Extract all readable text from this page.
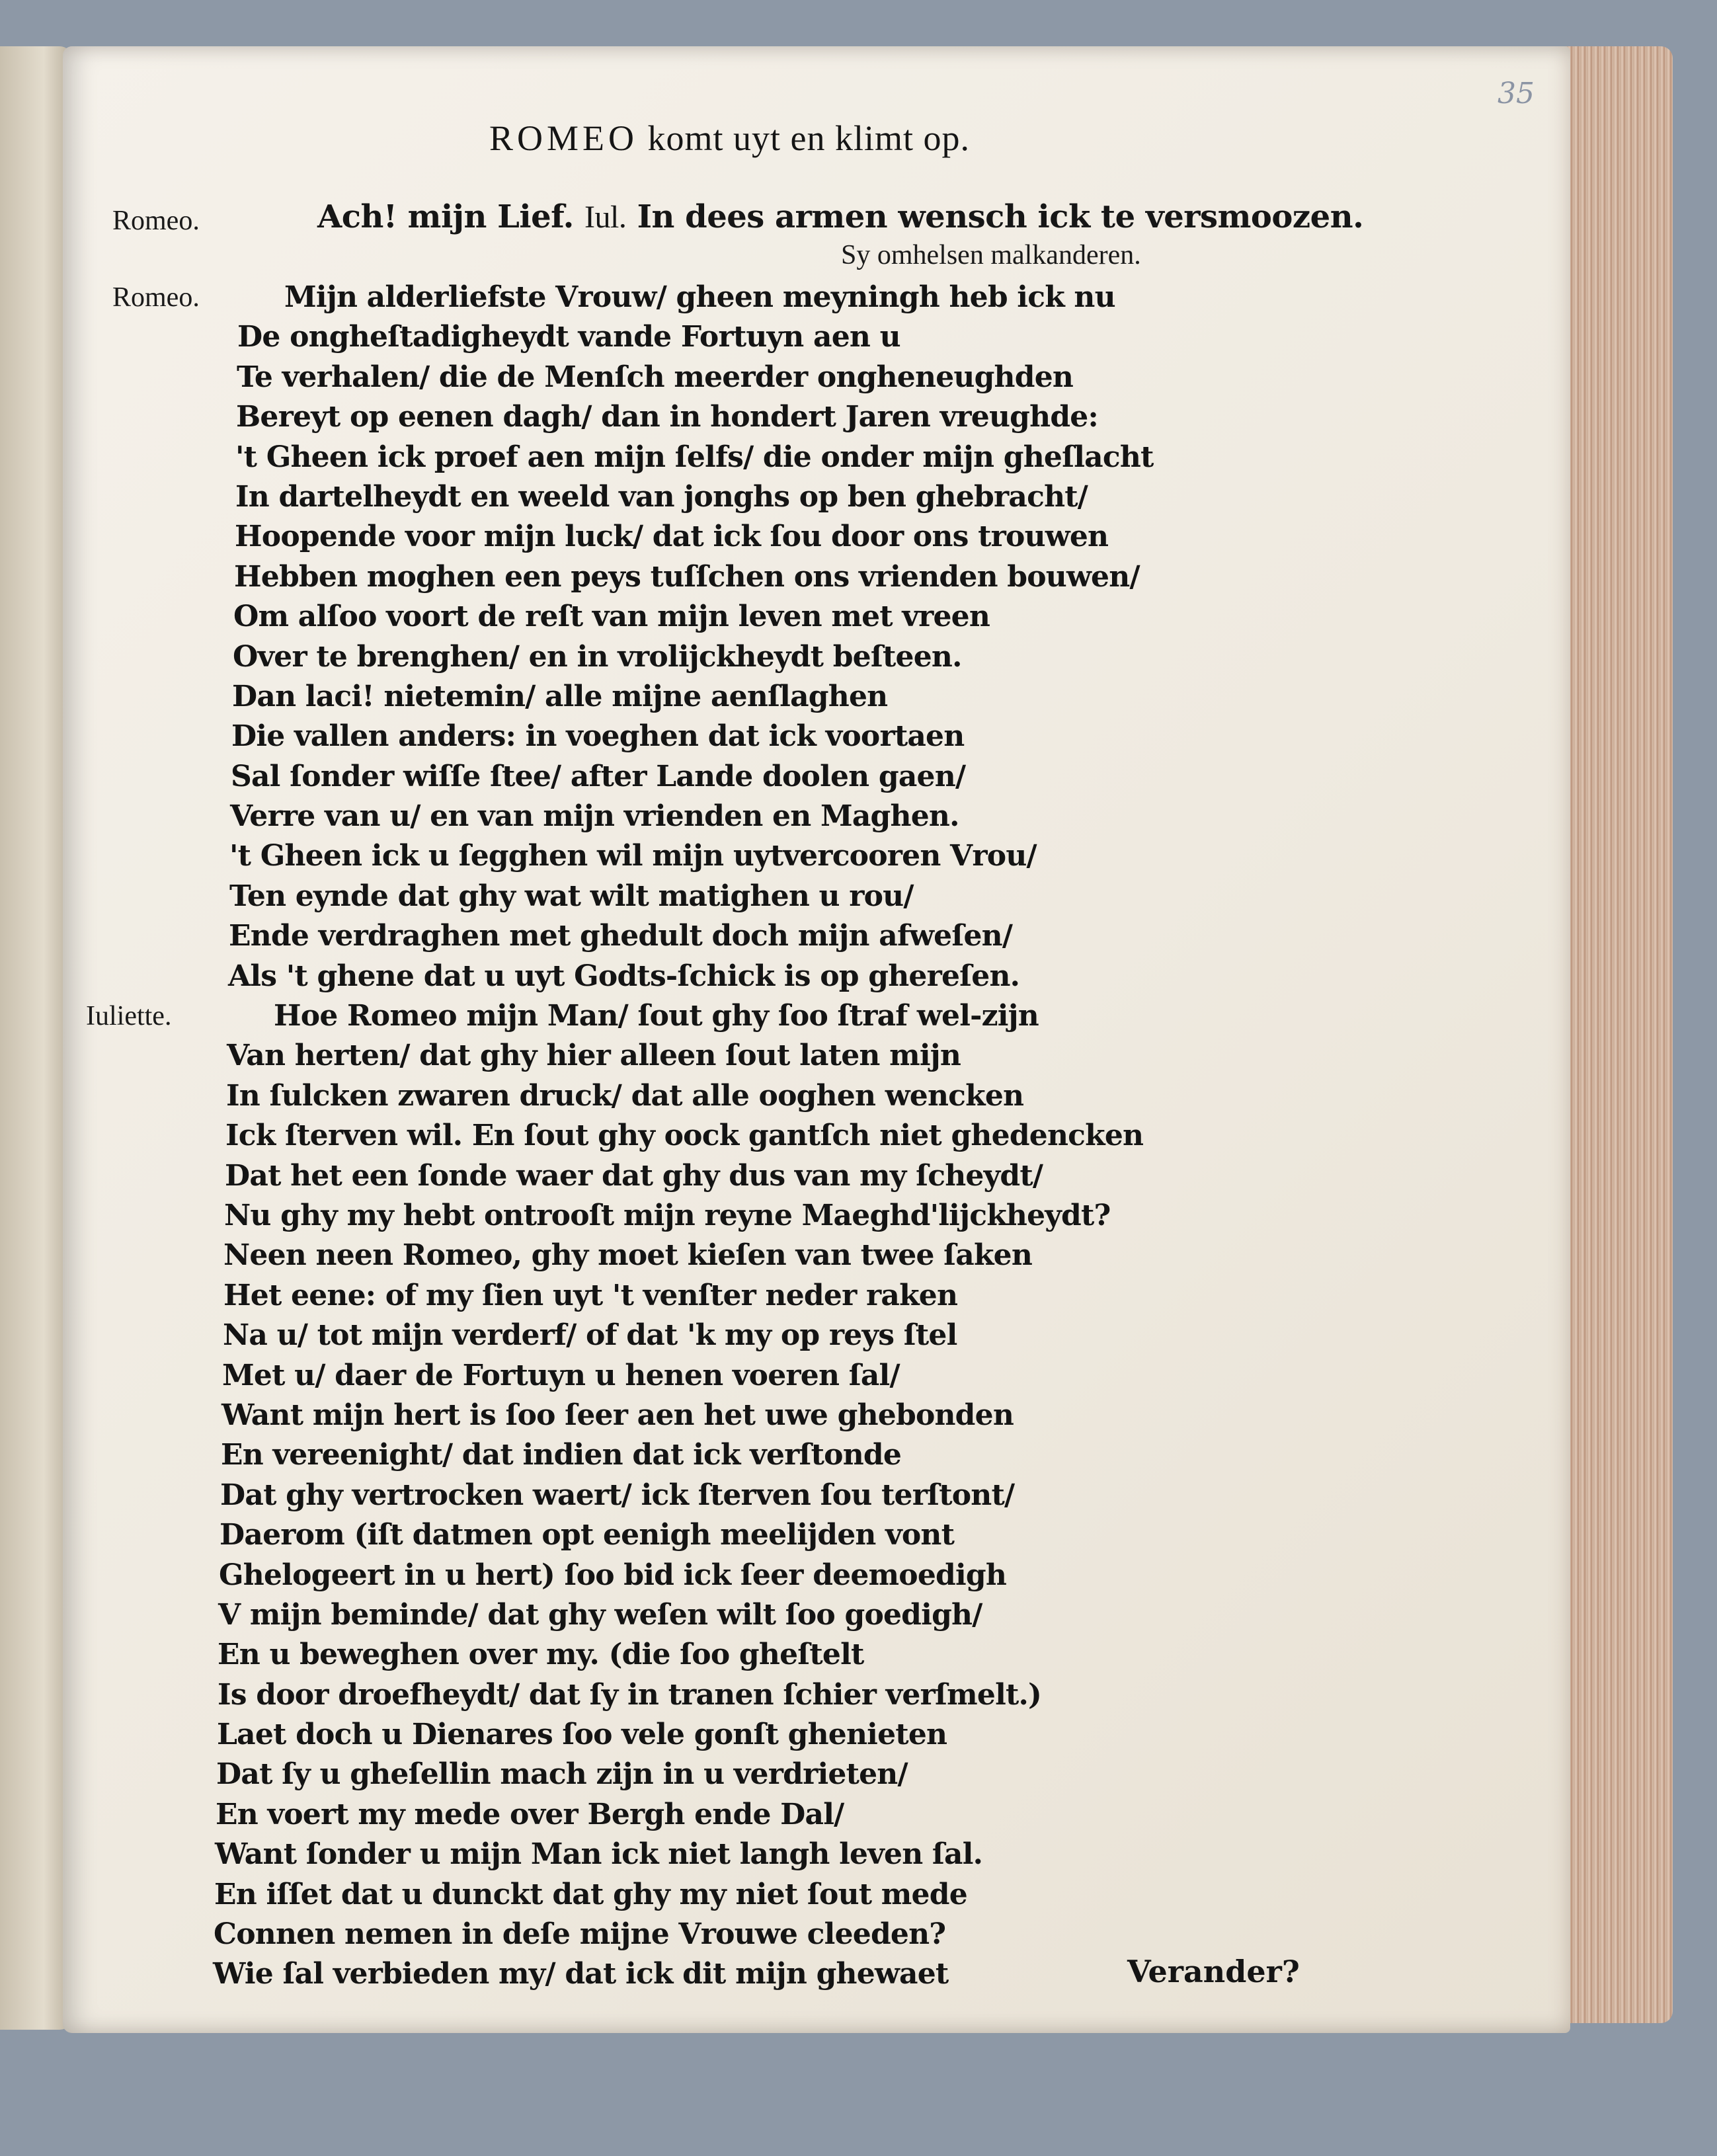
35
ROMEO komt uyt en klimt op.
Romeo.	Ach! mijn Lief. Iul. In dees armen wensch ick te versmoozen.
Sy omhelsen malkanderen.
Romeo.
Iuliette.
Mijn alderliefste Vrouw/ gheen meyningh heb ick nu
De ongheſtadigheydt vande Fortuyn aen u
Te verhalen/ die de Menſch meerder ongheneughden
Bereyt op eenen dagh/ dan in hondert Jaren vreughde:
't Gheen ick proef aen mijn ſelfs/ die onder mijn gheſlacht
In dartelheydt en weeld van jonghs op ben ghebracht/
Hoopende voor mijn luck/ dat ick ſou door ons trouwen
Hebben moghen een peys tuſſchen ons vrienden bouwen/
Om alſoo voort de reſt van mijn leven met vreen
Over te brenghen/ en in vrolijckheydt beſteen.
Dan laci! nietemin/ alle mijne aenſlaghen
Die vallen anders: in voeghen dat ick voortaen
Sal ſonder wiſſe ſtee/ after Lande doolen gaen/
Verre van u/ en van mijn vrienden en Maghen.
't Gheen ick u ſegghen wil mijn uytvercooren Vrou/
Ten eynde dat ghy wat wilt matighen u rou/
Ende verdraghen met ghedult doch mijn afweſen/
Als 't ghene dat u uyt Godts-ſchick is op ghereſen.
Hoe Romeo mijn Man/ ſout ghy ſoo ſtraf wel-zijn
Van herten/ dat ghy hier alleen ſout laten mijn
In ſulcken zwaren druck/ dat alle ooghen wencken
Ick ſterven wil. En ſout ghy oock gantſch niet ghedencken
Dat het een ſonde waer dat ghy dus van my ſcheydt/
Nu ghy my hebt ontrooſt mijn reyne Maeghd'lijckheydt?
Neen neen Romeo, ghy moet kieſen van twee ſaken
Het eene: of my ſien uyt 't venſter neder raken
Na u/ tot mijn verderf/ of dat 'k my op reys ſtel
Met u/ daer de Fortuyn u henen voeren ſal/
Want mijn hert is ſoo ſeer aen het uwe ghebonden
En vereenight/ dat indien dat ick verſtonde
Dat ghy vertrocken waert/ ick ſterven ſou terſtont/
Daerom (iſt datmen opt eenigh meelijden vont
Ghelogeert in u hert) ſoo bid ick ſeer deemoedigh
V mijn beminde/ dat ghy weſen wilt ſoo goedigh/
En u beweghen over my. (die ſoo gheſtelt
Is door droefheydt/ dat ſy in tranen ſchier verſmelt.)
Laet doch u Dienares ſoo vele gonſt ghenieten
Dat ſy u gheſellin mach zijn in u verdrieten/
En voert my mede over Bergh ende Dal/
Want ſonder u mijn Man ick niet langh leven ſal.
En iſſet dat u dunckt dat ghy my niet ſout mede
Connen nemen in deſe mijne Vrouwe cleeden?
Wie ſal verbieden my/ dat ick dit mijn ghewaet	Verander?
